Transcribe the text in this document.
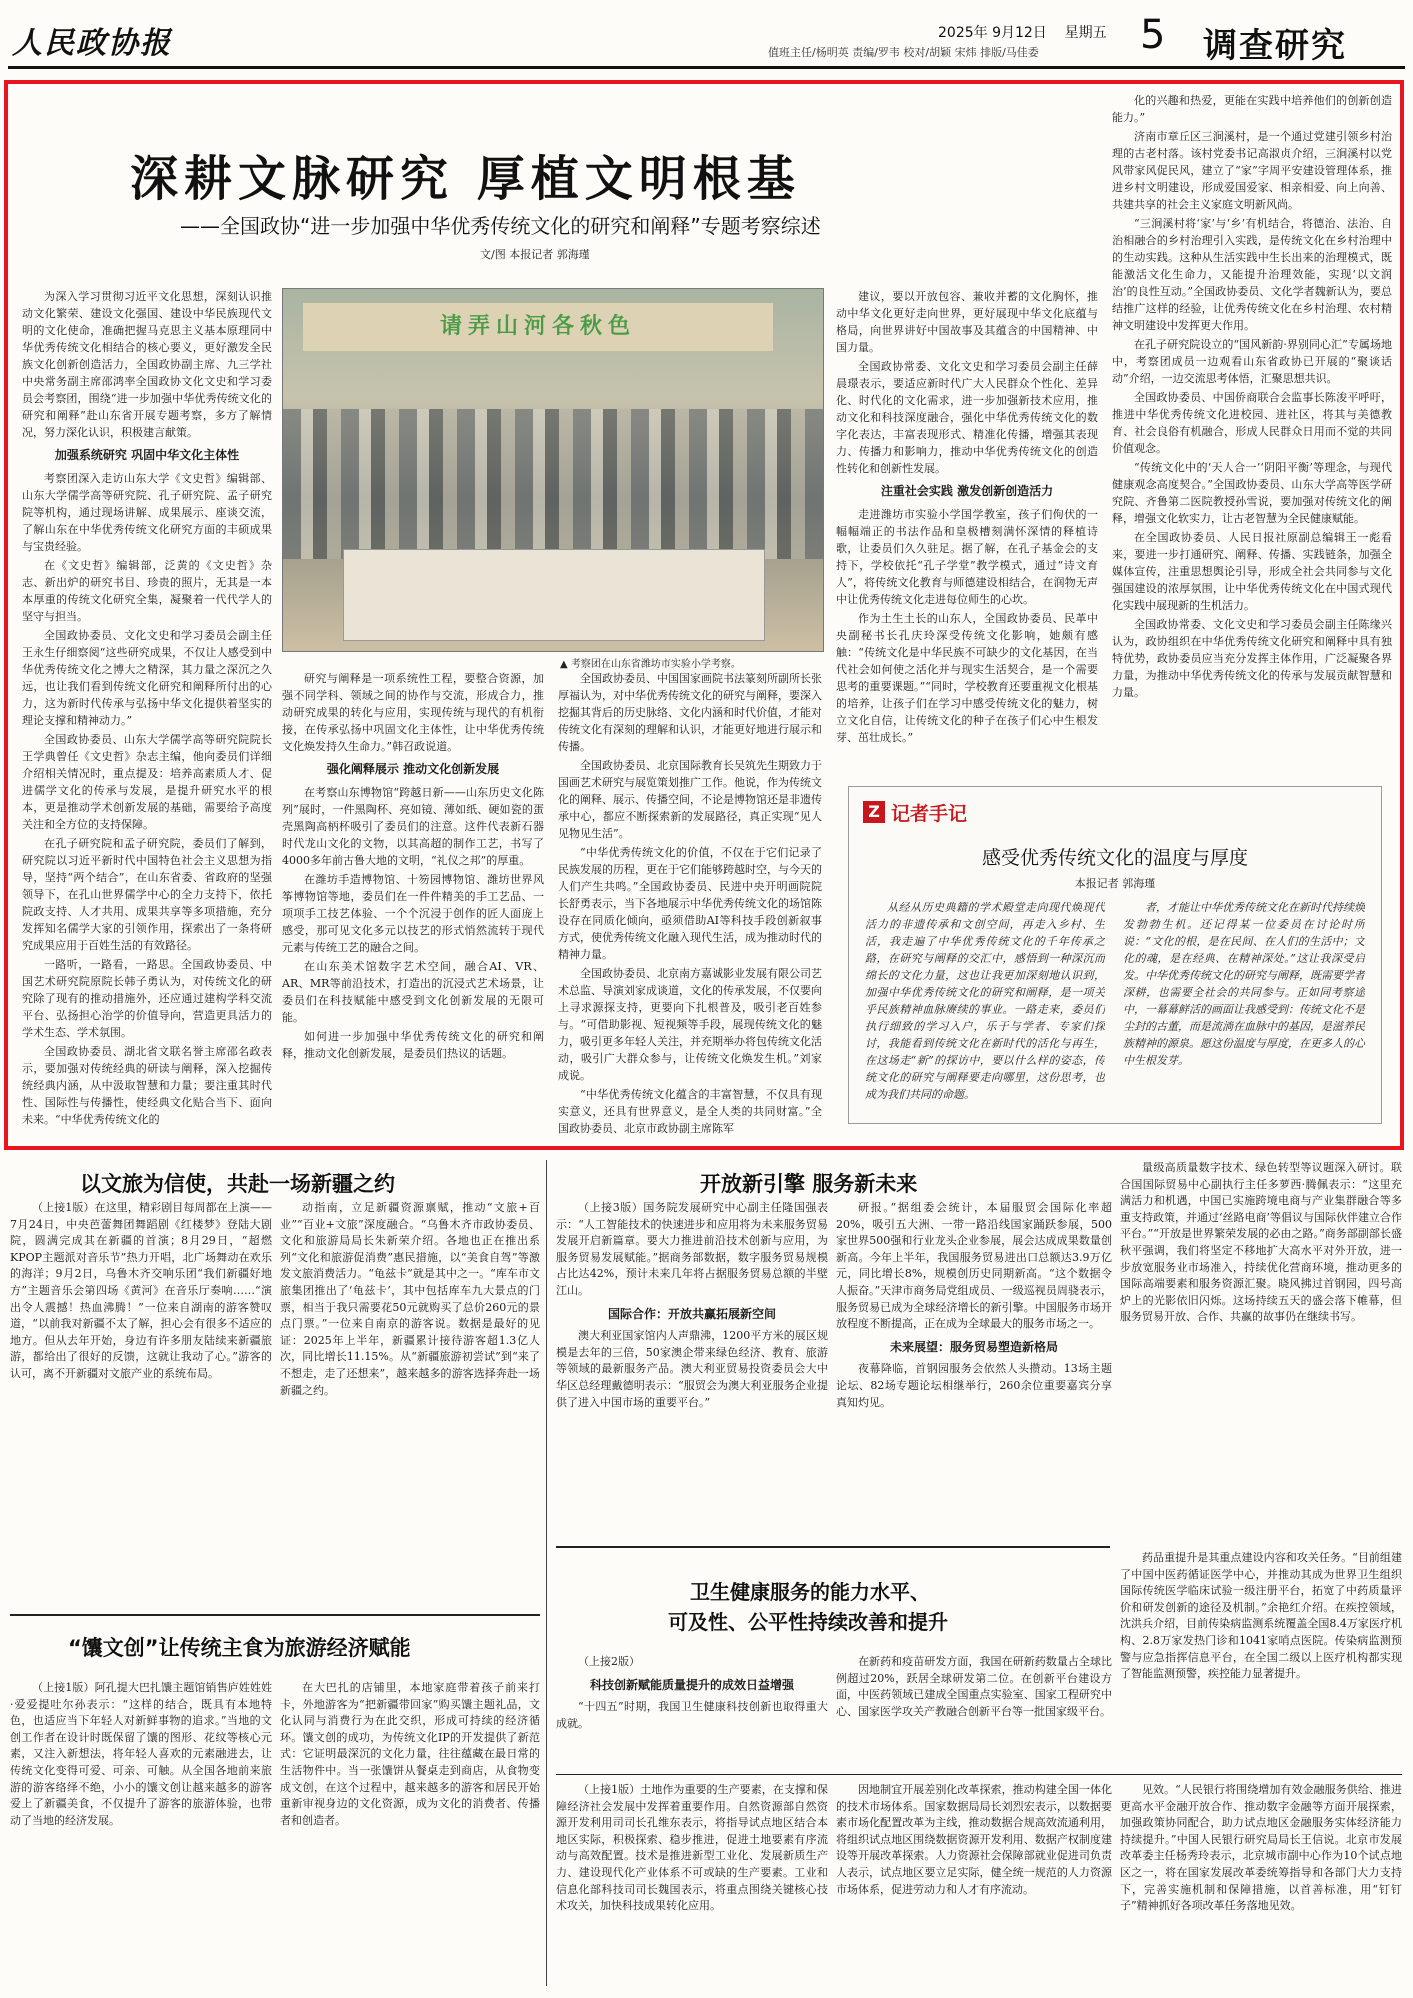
人民政协报	2025年 9月12日 星期五
值班主任/杨明英 责编/罗韦 校对/胡颖 宋炜 排版/马佳委	5 调查研究
深耕文脉研究 厚植文明根基
——全国政协“进一步加强中华优秀传统文化的研究和阐释”专题考察综述
文/图 本报记者 郭海瑾

为深入学习贯彻习近平文化思想，深刻认识推动文化繁荣、建设文化强国、建设中华民族现代文明的文化使命，准确把握马克思主义基本原理同中华优秀传统文化相结合的核心要义，更好激发全民族文化创新创造活力，全国政协副主席、九三学社中央常务副主席邵鸿率全国政协文化文史和学习委员会考察团，围绕“进一步加强中华优秀传统文化的研究和阐释”赴山东省开展专题考察，多方了解情况，努力深化认识，积极建言献策。

加强系统研究 巩固中华文化主体性

考察团深入走访山东大学《文史哲》编辑部、山东大学儒学高等研究院、孔子研究院、孟子研究院等机构，通过现场讲解、成果展示、座谈交流，了解山东在中华优秀传统文化研究方面的丰硕成果与宝贵经验。

在《文史哲》编辑部，泛黄的《文史哲》杂志、新出炉的研究书目、珍贵的照片，无其是一本本厚重的传统文化研究全集，凝聚着一代代学人的坚守与担当。

全国政协委员、文化文史和学习委员会副主任王永生仔细察阅“这些研究成果，不仅让人感受到中华优秀传统文化之博大之精深，其力量之深沉之久远，也让我们看到传统文化研究和阐释所付出的心力，这为新时代传承与弘扬中华文化提供着坚实的理论支撑和精神动力。”

全国政协委员、山东大学儒学高等研究院院长王学典曾任《文史哲》杂志主编，他向委员们详细介绍相关情况时，重点提及：培养高素质人才、促进儒学文化的传承与发展，是提升研究水平的根本，更是推动学术创新发展的基础，需要给予高度关注和全方位的支持保障。

在孔子研究院和孟子研究院，委员们了解到，研究院以习近平新时代中国特色社会主义思想为指导，坚持“两个结合”，在山东省委、省政府的坚强领导下，在孔山世界儒学中心的全力支持下，依托院政支持、人才共用、成果共享等多项措施，充分发挥知名儒学大家的引领作用，探索出了一条将研究成果应用于百姓生活的有效路径。

一路听，一路看，一路思。全国政协委员、中国艺术研究院原院长韩子勇认为，对传统文化的研究除了现有的推动措施外，还应通过建构学科交流平台、弘扬担心治学的价值导向，营造更具活力的学术生态、学术氛围。

全国政协委员、湖北省文联名誉主席邵名政表示，要加强对传统经典的研读与阐释，深入挖掘传统经典内涵，从中汲取智慧和力量；要注重其时代性、国际性与传播性，使经典文化贴合当下、面向未来。“中华优秀传统文化的

请弄山河各秋色
▲ 考察团在山东省潍坊市实验小学考察。

研究与阐释是一项系统性工程，要整合资源，加强不同学科、领域之间的协作与交流，形成合力，推动研究成果的转化与应用，实现传统与现代的有机衔接，在传承弘扬中巩固文化主体性，让中华优秀传统文化焕发持久生命力。”韩召政说道。

强化阐释展示 推动文化创新发展

在考察山东博物馆“跨越日新——山东历史文化陈列”展时，一件黑陶杯、亮如镜、薄如纸、硬如瓷的蛋壳黑陶高柄杯吸引了委员们的注意。这件代表新石器时代龙山文化的文物，以其高超的制作工艺，书写了4000多年前古鲁大地的文明，“礼仪之邦”的厚重。

在潍坊手造博物馆、十笏园博物馆、潍坊世界风筝博物馆等地，委员们在一件件精美的手工艺品、一项项手工技艺体验、一个个沉浸于创作的匠人面庞上感受，那可见文化多元以技艺的形式悄然流转于现代元素与传统工艺的融合之间。

在山东美术馆数字艺术空间，融合AI、VR、AR、MR等前沿技术，打造出的沉浸式艺术场景，让委员们在科技赋能中感受到文化创新发展的无限可能。

如何进一步加强中华优秀传统文化的研究和阐释，推动文化创新发展，是委员们热议的话题。

全国政协委员、中国国家画院书法篆刻所副所长张厚福认为，对中华优秀传统文化的研究与阐释，要深入挖掘其背后的历史脉络、文化内涵和时代价值，才能对传统文化有深刻的理解和认识，才能更好地进行展示和传播。

全国政协委员、北京国际教育长吴筑先生期致力于国画艺术研究与展览策划推广工作。他说，作为传统文化的阐释、展示、传播空间，不论是博物馆还是非遗传承中心，都应不断探索新的发展路径，真正实现“见人见物见生活”。

“中华优秀传统文化的价值，不仅在于它们记录了民族发展的历程，更在于它们能够跨越时空，与今天的人们产生共鸣。”全国政协委员、民进中央开明画院院长舒勇表示，当下各地展示中华优秀传统文化的场馆陈设存在同质化倾向，亟须借助AI等科技手段创新叙事方式，使优秀传统文化融入现代生活，成为推动时代的精神力量。

全国政协委员、北京南方嘉诚影业发展有限公司艺术总监、导演刘家成谈道，文化的传承发展，不仅要向上寻求源探支持，更要向下扎根普及，吸引老百姓参与。“可借助影视、短视频等手段，展现传统文化的魅力，吸引更多年轻人关注，并充期举办将包传统文化活动，吸引广大群众参与，让传统文化焕发生机。”刘家成说。

“中华优秀传统文化蕴含的丰富智慧，不仅具有现实意义，还具有世界意义，是全人类的共同财富。”全国政协委员、北京市政协副主席陈军

建议，要以开放包容、兼收并蓄的文化胸怀，推动中华文化更好走向世界，更好展现中华文化底蕴与格局，向世界讲好中国故事及其蕴含的中国精神、中国力量。

全国政协常委、文化文史和学习委员会副主任薛晨璟表示，要适应新时代广大人民群众个性化、差异化、时代化的文化需求，进一步加强新技术应用，推动文化和科技深度融合，强化中华优秀传统文化的数字化表达，丰富表现形式、精准化传播，增强其表现力、传播力和影响力，推动中华优秀传统文化的创造性转化和创新性发展。

注重社会实践 激发创新创造活力

走进潍坊市实验小学国学教室，孩子们佝伏的一幅幅端正的书法作品和皇极槽刻满怀深情的释植诗歌，让委员们久久驻足。据了解，在孔子基金会的支持下，学校依托“孔子学堂”教学模式，通过“诗文育人”，将传统文化教育与师德建设相结合，在润物无声中让优秀传统文化走进每位师生的心坎。

作为土生土长的山东人，全国政协委员、民革中央副秘书长孔庆玲深受传统文化影响，她颇有感触：“传统文化是中华民族不可缺少的文化基因，在当代社会如何使之活化并与现实生活契合，是一个需要思考的重要课题。”“同时，学校教育还要重视文化根基的培养，让孩子们在学习中感受传统文化的魅力，树立文化自信，让传统文化的种子在孩子们心中生根发芽、茁壮成长。”

化的兴趣和热爱，更能在实践中培养他们的创新创造能力。”

济南市章丘区三涧溪村，是一个通过党建引领乡村治理的古老村落。该村党委书记高淑贞介绍，三涧溪村以党风带家风促民风，建立了“家”字周平安建设管理体系，推进乡村文明建设，形成爱国爱家、相亲相爱、向上向善、共建共享的社会主义家庭文明新风尚。

“三涧溪村将‘家’与‘乡’有机结合，将德治、法治、自治相融合的乡村治理引入实践，是传统文化在乡村治理中的生动实践。这种从生活实践中生长出来的治理模式，既能激活文化生命力，又能提升治理效能，实现‘以文润治’的良性互动。”全国政协委员、文化学者魏新认为，要总结推广这样的经验，让优秀传统文化在乡村治理、农村精神文明建设中发挥更大作用。

在孔子研究院设立的“国风新韵·界别同心汇”专属场地中，考察团成员一边观看山东省政协已开展的“聚谈话动”介绍，一边交流思考体悟，汇聚思想共识。

全国政协委员、中国侨商联合会监事长陈浚平呼吁，推进中华优秀传统文化进校园、进社区，将其与美德教育、社会良俗有机融合，形成人民群众日用而不觉的共同价值观念。

“传统文化中的‘天人合一’‘阴阳平衡’等理念，与现代健康观念高度契合。”全国政协委员、山东大学高等医学研究院、齐鲁第二医院教授孙雪说，要加强对传统文化的阐释，增强文化软实力，让古老智慧为全民健康赋能。

在全国政协委员、人民日报社原副总编辑王一彪看来，要进一步打通研究、阐释、传播、实践链条，加强全媒体宣传，注重思想舆论引导，形成全社会共同参与文化强国建设的浓厚氛围，让中华优秀传统文化在中国式现代化实践中展现新的生机活力。

全国政协常委、文化文史和学习委员会副主任陈缘兴认为，政协组织在中华优秀传统文化研究和阐释中具有独特优势，政协委员应当充分发挥主体作用，广泛凝聚各界力量，为推动中华优秀传统文化的传承与发展贡献智慧和力量。

Z 记者手记
感受优秀传统文化的温度与厚度
本报记者 郭海瑾

从经从历史典籍的学术殿堂走向现代焕现代活力的非遗传承和文创空间，再走入乡村、生活，我走遍了中华优秀传统文化的千年传承之路，在研究与阐释的交汇中，感悟到一种深沉而绵长的文化力量，这也让我更加深刻地认识到，加强中华优秀传统文化的研究和阐释，是一项关乎民族精神血脉赓续的事业。一路走来，委员们执行细致的学习入户，乐于与学者、专家们探讨，我能看到传统文化在新时代的活化与再生，在这场走“新”的探访中，要以什么样的姿态，传统文化的研究与阐释要走向哪里，这份思考，也成为我们共同的命题。

者，才能让中华优秀传统文化在新时代持续焕发勃勃生机。还记得某一位委员在讨论时所说：“文化的根，是在民间、在人们的生活中；文化的魂，是在经典、在精神深处。”这让我深受启发。中华优秀传统文化的研究与阐释，既需要学者深耕，也需要全社会的共同参与。正如同考察途中，一幕幕鲜活的画面让我感受到：传统文化不是尘封的古董，而是流淌在血脉中的基因，是滋养民族精神的源泉。愿这份温度与厚度，在更多人的心中生根发芽。

以文旅为信使，共赴一场新疆之约

（上接1版）在这里，精彩剧目每周都在上演——7月24日，中央芭蕾舞团舞蹈剧《红楼梦》登陆大剧院，圆满完成其在新疆的首演；8月29日，“超燃KPOP主题派对音乐节”热力开唱，北广场舞动在欢乐的海洋；9月2日，乌鲁木齐交响乐团“我们新疆好地方”主题音乐会第四场《黄河》在音乐厅奏响……“演出令人震撼！热血沸腾！”一位来自湖南的游客赞叹道，“以前我对新疆不太了解，担心会有很多不适应的地方。但从去年开始，身边有许多朋友陆续来新疆旅游，都给出了很好的反馈，这就让我动了心。”游客的认可，离不开新疆对文旅产业的系统布局。

动指南，立足新疆资源禀赋，推动“文旅+百业”“百业+文旅”深度融合。“乌鲁木齐市政协委员、文化和旅游局局长朱新荣介绍。各地也正在推出系列“文化和旅游促消费”惠民措施，以“美食自驾”等激发文旅消费活力。“龟兹卡”就是其中之一。“库车市文旅集团推出了‘龟兹卡’，其中包括库车九大景点的门票，相当于我只需要花50元就购买了总价260元的景点门票。”一位来自南京的游客说。数据是最好的见证：2025年上半年，新疆累计接待游客超1.3亿人次，同比增长11.15%。从“新疆旅游初尝试”到“来了不想走，走了还想来”，越来越多的游客选择奔赴一场新疆之约。

“馕文创”让传统主食为旅游经济赋能

（上接1版）阿孔提大巴扎馕主题馆销售庐姓姓姓·爱爱提吐尔孙表示：“这样的结合，既具有本地特色，也适应当下年轻人对新鲜事物的追求。”当地的文创工作者在设计时既保留了馕的图形、花纹等核心元素，又注入新想法，将年轻人喜欢的元素融进去，让传统文化变得可爱、可亲、可触。从全国各地前来旅游的游客络绎不绝，小小的馕文创让越来越多的游客爱上了新疆美食，不仅提升了游客的旅游体验，也带动了当地的经济发展。

在大巴扎的店铺里，本地家庭带着孩子前来打卡，外地游客为“把新疆带回家”购买馕主题礼品，文化认同与消费行为在此交织，形成可持续的经济循环。馕文创的成功，为传统文化IP的开发提供了新范式：它证明最深沉的文化力量，往往蕴藏在最日常的生活物件中。当一张馕饼从餐桌走到商店，从食物变成文创，在这个过程中，越来越多的游客和居民开始重新审视身边的文化资源，成为文化的消费者、传播者和创造者。

开放新引擎 服务新未来

（上接3版）国务院发展研究中心副主任隆国强表示：“人工智能技术的快速进步和应用将为未来服务贸易发展开启新篇章。要大力推进前沿技术创新与应用，为服务贸易发展赋能。”据商务部数据，数字服务贸易规模占比达42%，预计未来几年将占据服务贸易总额的半壁江山。

国际合作：开放共赢拓展新空间

澳大利亚国家馆内人声鼎沸，1200平方米的展区规模是去年的三倍，50家澳企带来绿色经济、教育、旅游等领域的最新服务产品。澳大利亚贸易投资委员会大中华区总经理戴德明表示：“服贸会为澳大利亚服务企业提供了进入中国市场的重要平台。”

研报。”据组委会统计，本届服贸会国际化率超20%，吸引五大洲、一带一路沿线国家踊跃参展，500家世界500强和行业龙头企业参展，展会达成成果数量创新高。今年上半年，我国服务贸易进出口总额达3.9万亿元，同比增长8%，规模创历史同期新高。“这个数据令人振奋。”天津市商务局党组成员、一级巡视员周骁表示，服务贸易已成为全球经济增长的新引擎。中国服务市场开放程度不断提高，正在成为全球最大的服务市场之一。

未来展望：服务贸易塑造新格局

夜幕降临，首钢园服务会依然人头攒动。13场主题论坛、82场专题论坛相继举行，260余位重要嘉宾分享真知灼见。

量级高质量数字技术、绿色转型等议题深入研讨。联合国国际贸易中心副执行主任多萝西·腾佩表示：“这里充满活力和机遇，中国已实施跨境电商与产业集群融合等多重支持政策，并通过‘丝路电商’等倡议与国际伙伴建立合作平台。”“开放是世界繁荣发展的必由之路。”商务部副部长盛秋平强调，我们将坚定不移地扩大高水平对外开放，进一步放宽服务业市场准入，持续优化营商环境，推动更多的国际高端要素和服务资源汇聚。晓风拂过首钢园，四号高炉上的光影依旧闪烁。这场持续五天的盛会落下帷幕，但服务贸易开放、合作、共赢的故事仍在继续书写。

卫生健康服务的能力水平、
可及性、公平性持续改善和提升

（上接2版）

科技创新赋能质量提升的成效日益增强

“十四五”时期，我国卫生健康科技创新也取得重大成就。

在新药和疫苗研发方面，我国在研新药数量占全球比例超过20%，跃居全球研发第二位。在创新平台建设方面，中医药领域已建成全国重点实验室、国家工程研究中心、国家医学攻关产教融合创新平台等一批国家级平台。

药品重提升是其重点建设内容和攻关任务。“目前组建了中国中医药循证医学中心，并推动其成为世界卫生组织国际传统医学临床试验一级注册平台，拓宽了中药质量评价和研发创新的途径及机制。”余艳红介绍。在疾控领域，沈洪兵介绍，目前传染病监测系统覆盖全国8.4万家医疗机构、2.8万家发热门诊和1041家哨点医院。传染病监测预警与应急指挥信息平台，在全国二级以上医疗机构都实现了智能监测预警，疾控能力显著提升。

（上接1版）土地作为重要的生产要素，在支撑和保障经济社会发展中发挥着重要作用。自然资源部自然资源开发利用司司长孔维东表示，将指导试点地区结合本地区实际，积极探索、稳步推进，促进土地要素有序流动与高效配置。技术是推进新型工业化、发展新质生产力、建设现代化产业体系不可或缺的生产要素。工业和信息化部科技司司长魏国表示，将重点围绕关键核心技术攻关，加快科技成果转化应用。

因地制宜开展差别化改革探索，推动构建全国一体化的技术市场体系。国家数据局局长刘烈宏表示，以数据要素市场化配置改革为主线，推动数据合规高效流通利用，将组织试点地区围绕数据资源开发利用、数据产权制度建设等开展改革探索。人力资源社会保障部就业促进司负责人表示，试点地区要立足实际，健全统一规范的人力资源市场体系，促进劳动力和人才有序流动。

见效。“人民银行将围绕增加有效金融服务供给、推进更高水平金融开放合作、推动数字金融等方面开展探索，加强政策协同配合，助力试点地区金融服务实体经济能力持续提升。”中国人民银行研究局局长王信说。北京市发展改革委主任杨秀玲表示，北京城市副中心作为10个试点地区之一，将在国家发展改革委统筹指导和各部门大力支持下，完善实施机制和保障措施，以首善标准，用“钉钉子”精神抓好各项改革任务落地见效。
